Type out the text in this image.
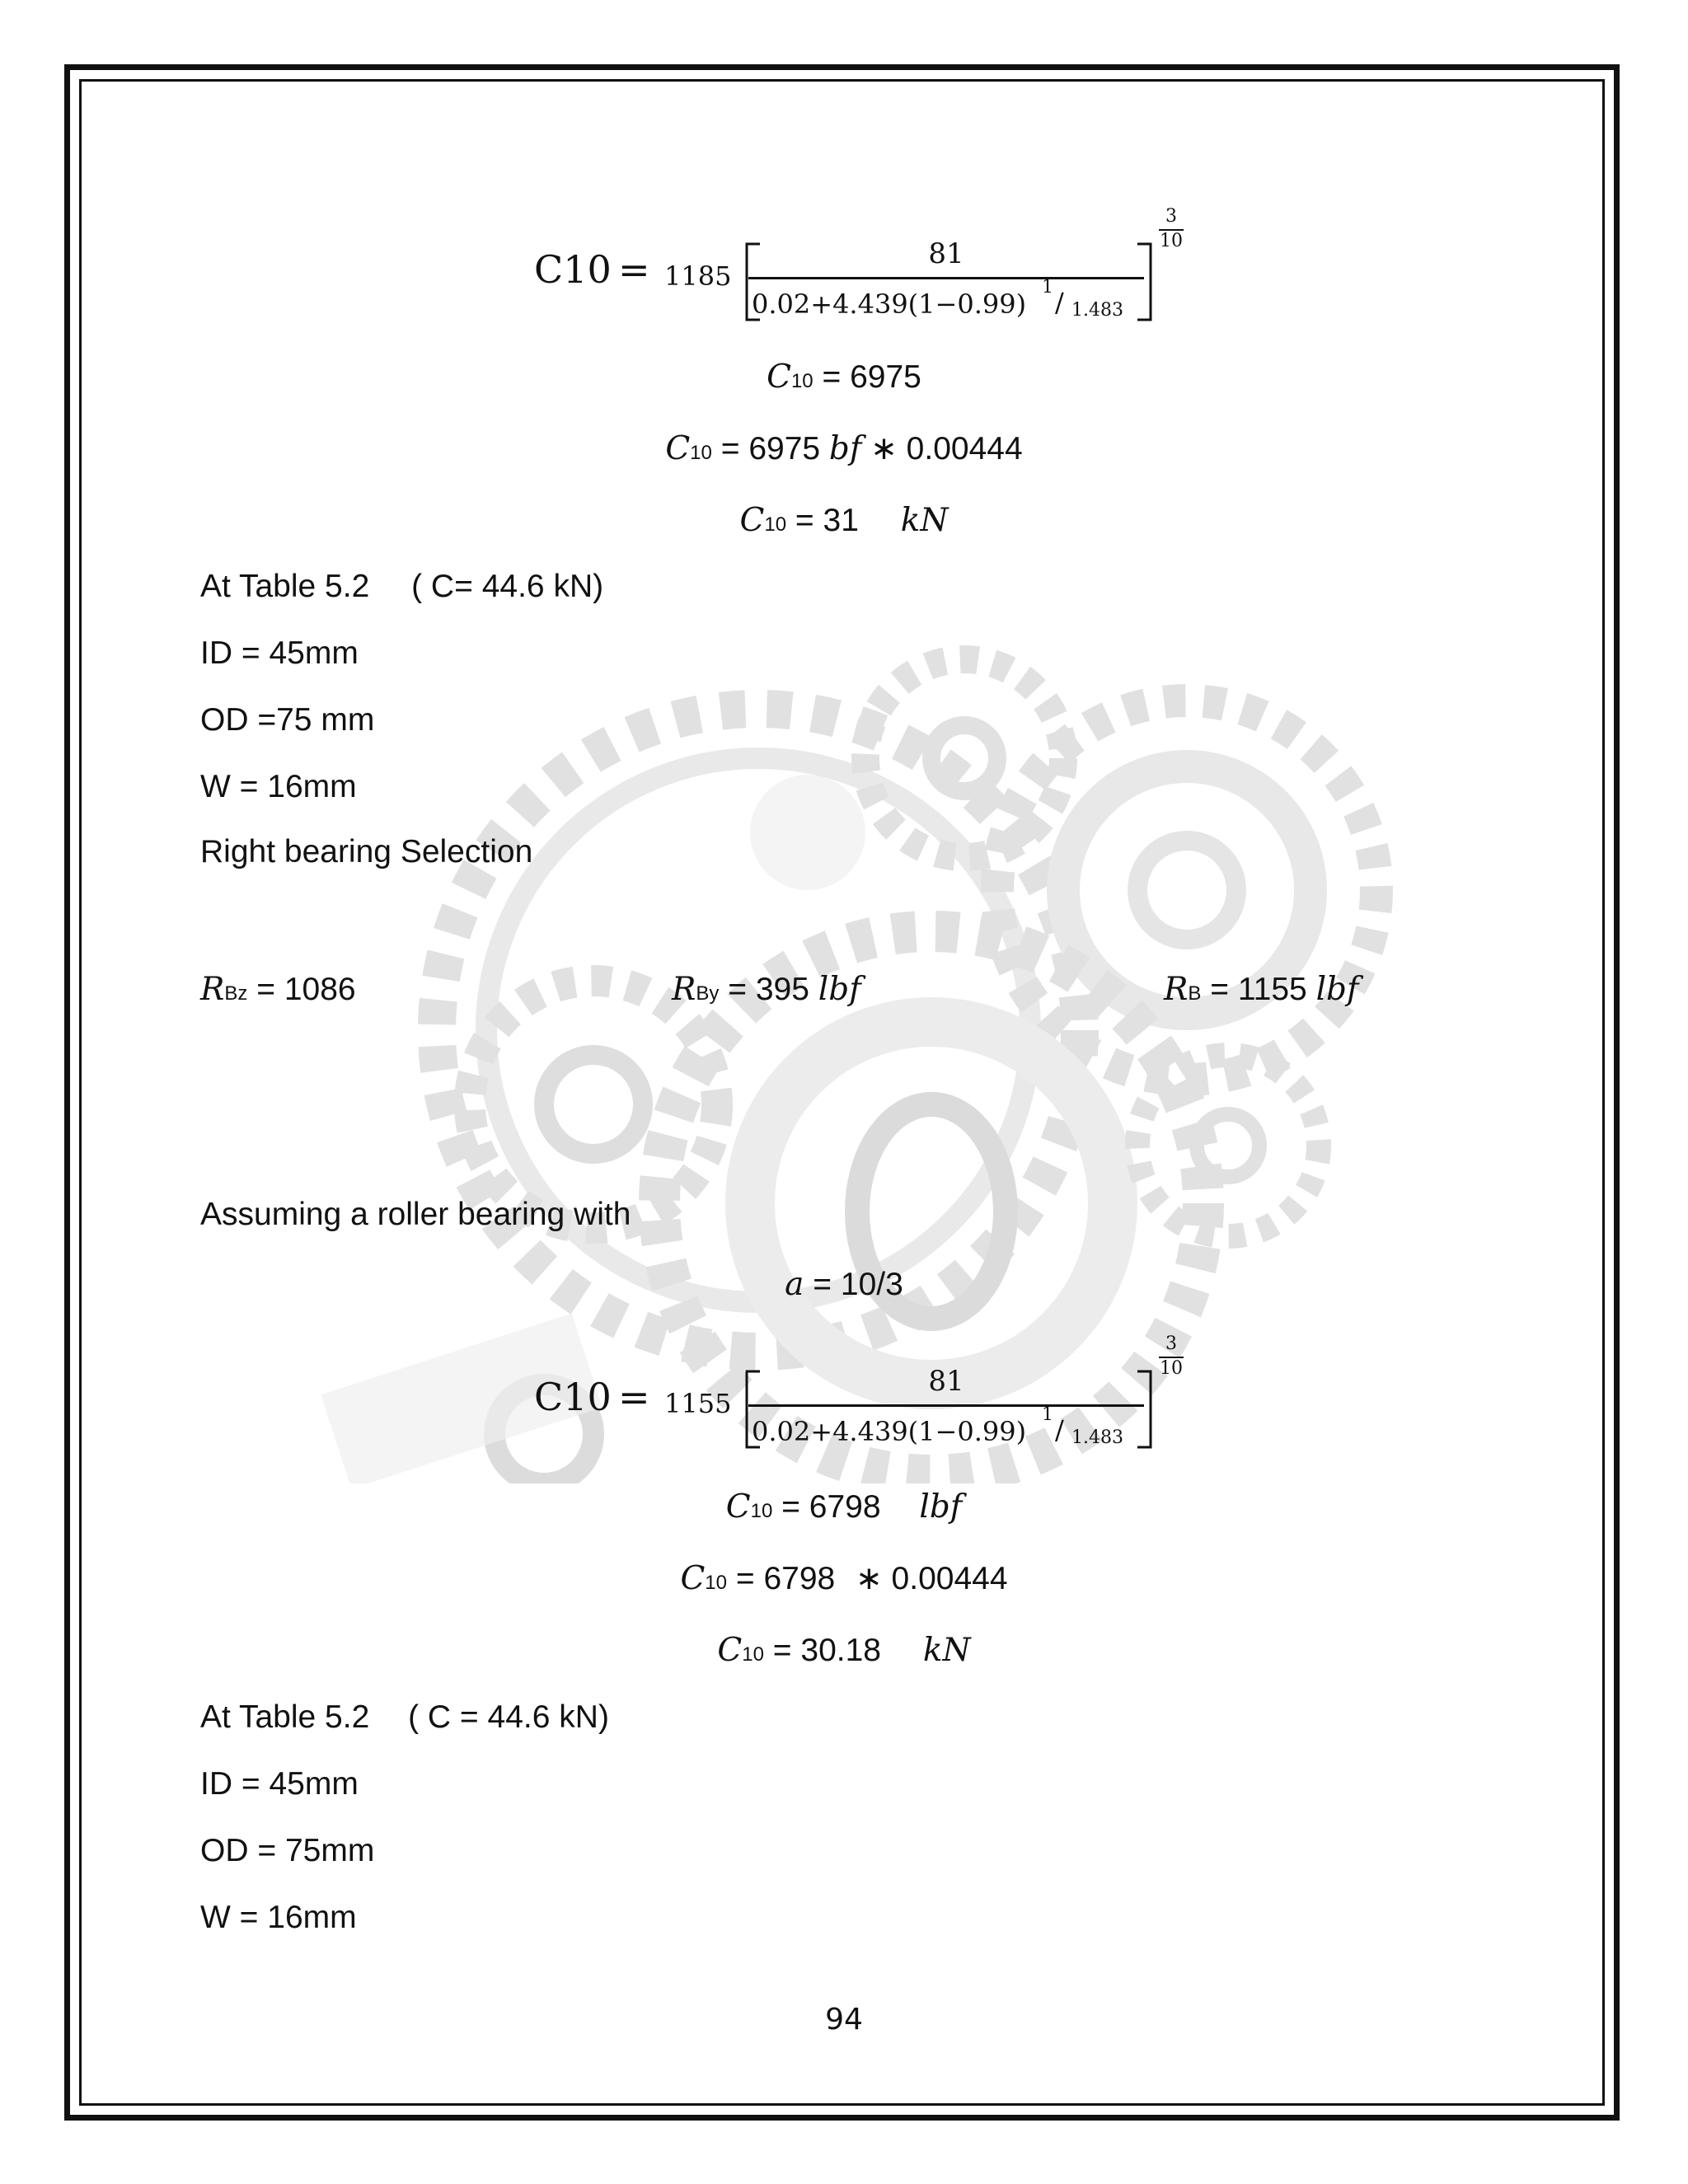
C10 = 1185
81
0.02+4.439(1−0.99)
1 / 1.483
3
10
C10 = 6975
C10 = 6975 bf ∗ 0.00444
C10 = 31 kN
At Table 5.2 ( C= 44.6 kN)
ID = 45mm
OD =75 mm
W = 16mm
Right bearing Selection
RBz = 1086	RBy = 395 lbf	RB = 1155 lbf
Assuming a roller bearing with
a = 10/3
C10 = 1155
81
0.02+4.439(1−0.99)
1 / 1.483
3
10
C10 = 6798 lbf
C10 = 6798 ∗ 0.00444
C10 = 30.18 kN
At Table 5.2 ( C = 44.6 kN)
ID = 45mm
OD = 75mm
W = 16mm
94
